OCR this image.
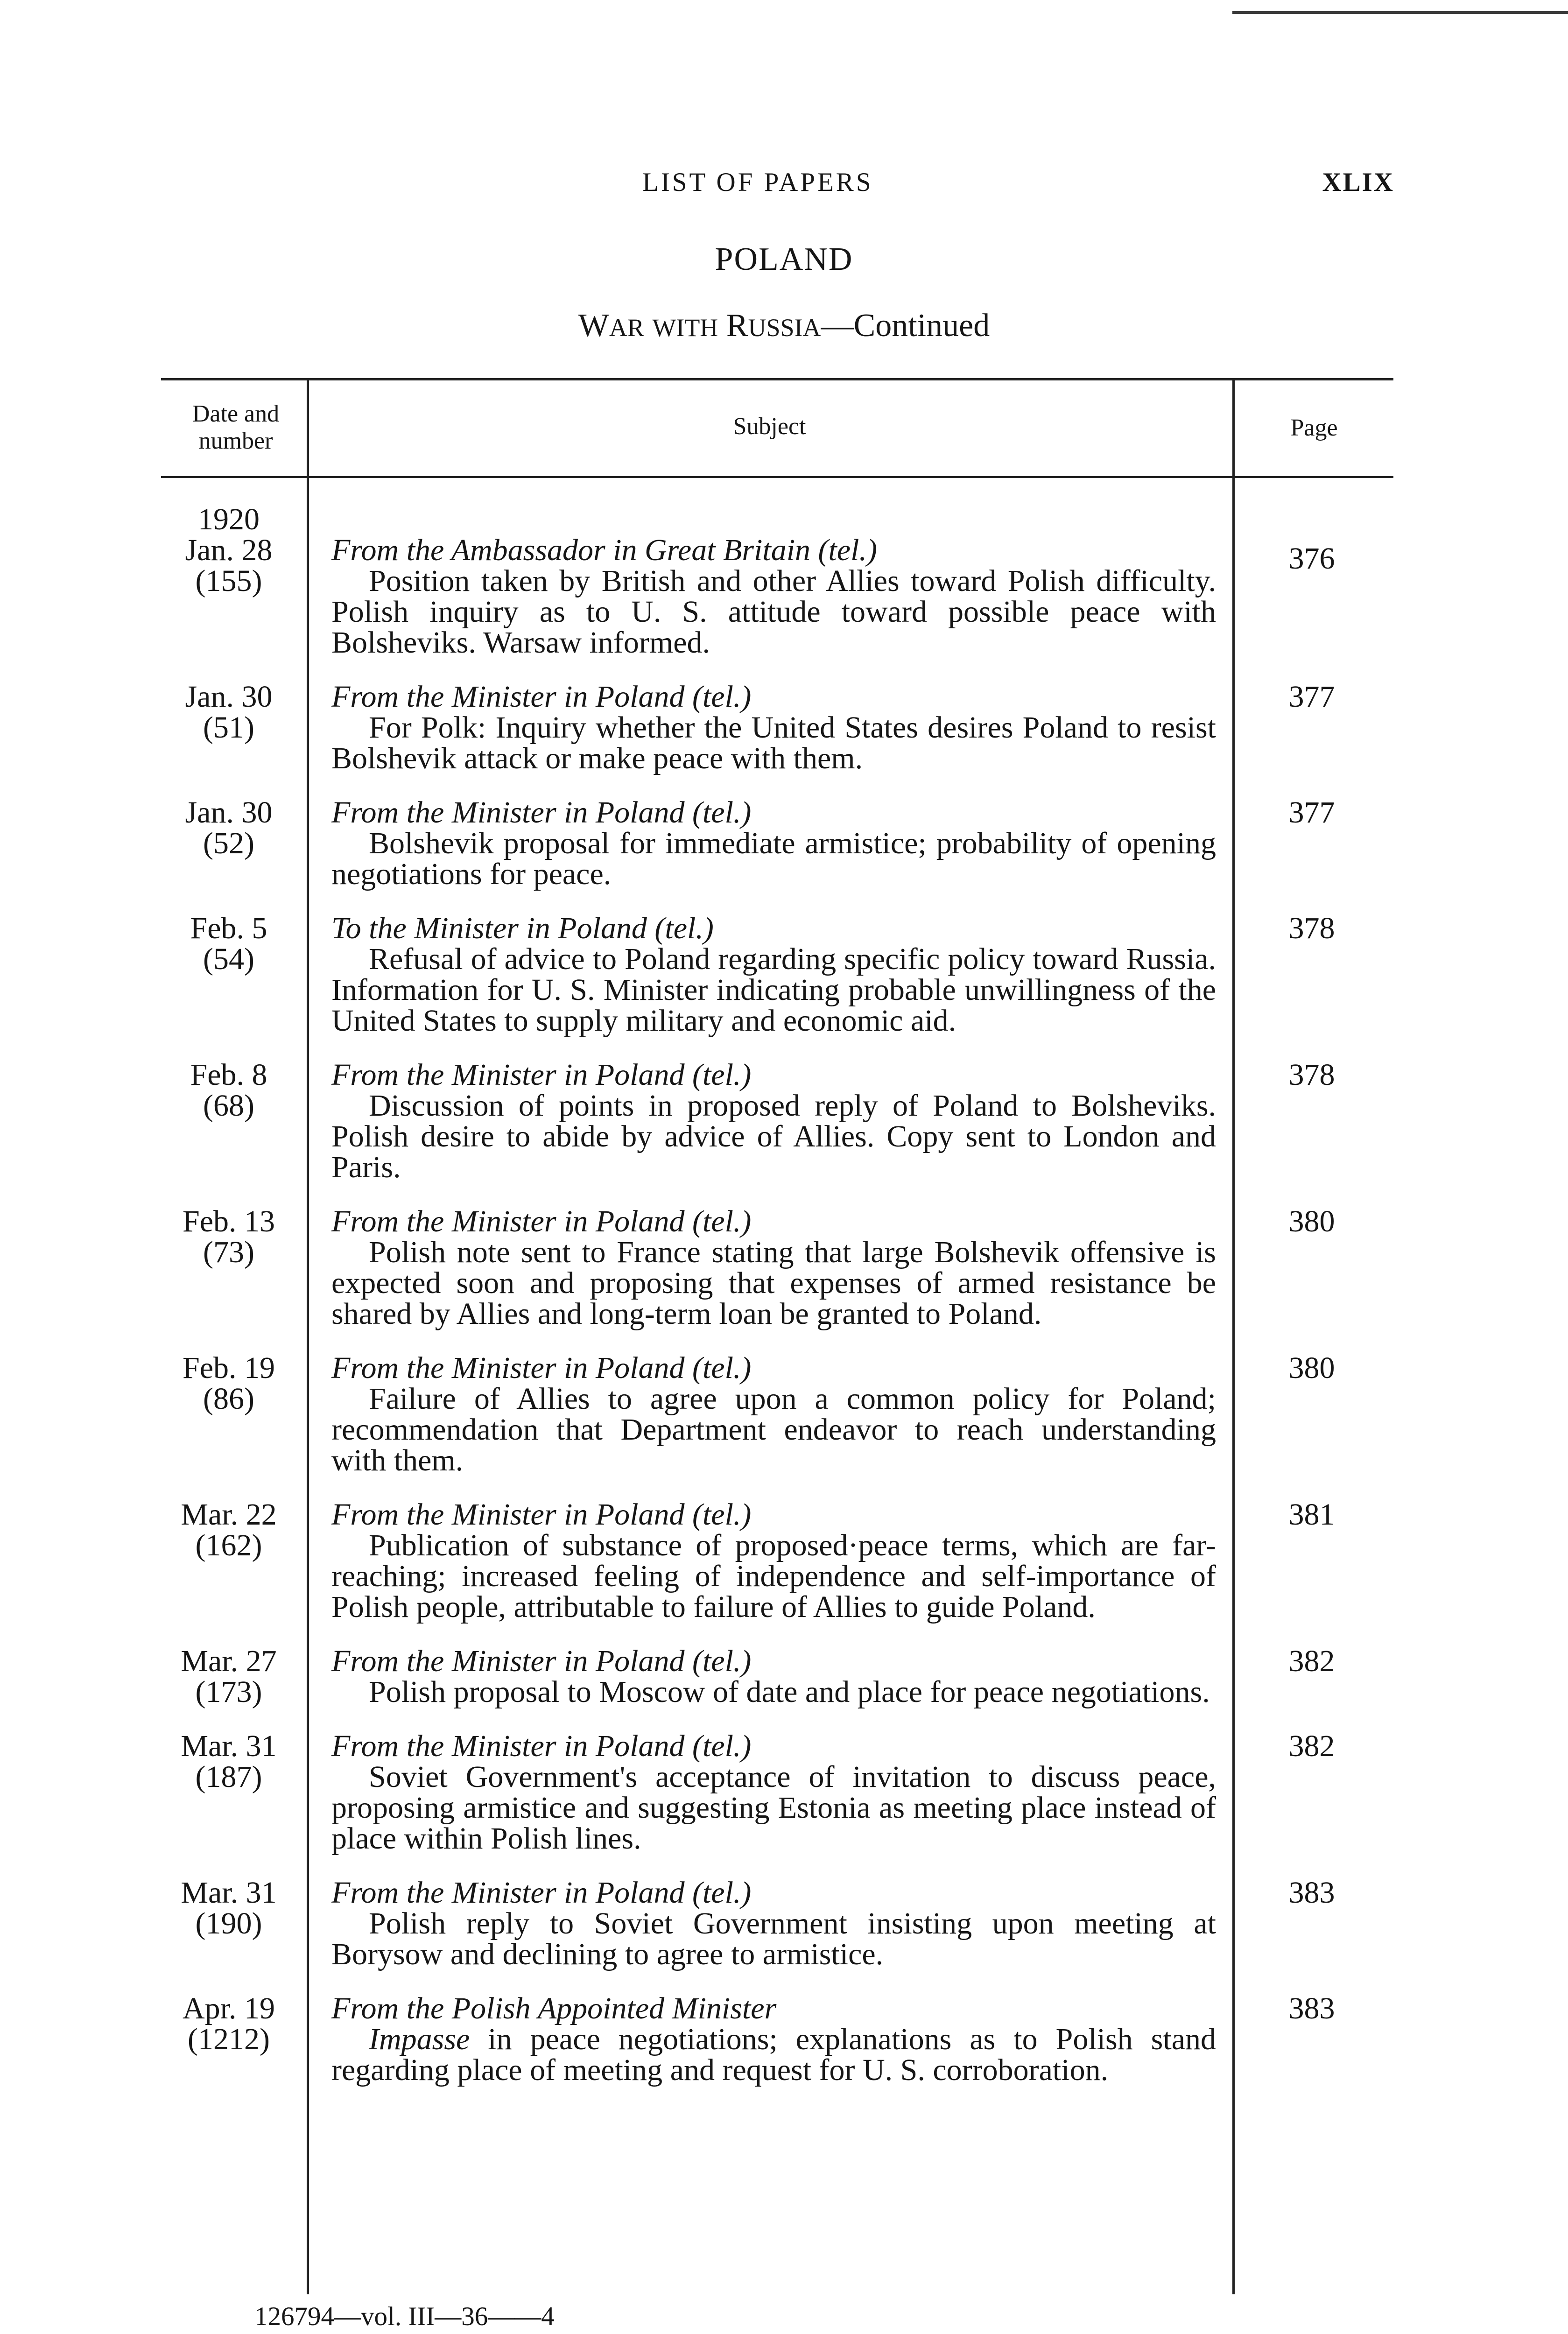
LIST OF PAPERS	XLIX
POLAND
WAR WITH RUSSIA—Continued
Date and number
Subject	Page
1920
Jan. 28
(155)
From the Ambassador in Great Britain (tel.)
Position taken by British and other Allies toward Polish difficulty. Polish inquiry as to U. S. attitude toward possible peace with Bolsheviks. Warsaw informed.
376
Jan. 30
(51)
From the Minister in Poland (tel.)
For Polk: Inquiry whether the United States desires Poland to resist Bolshevik attack or make peace with them.
377
Jan. 30
(52)
From the Minister in Poland (tel.)
Bolshevik proposal for immediate armistice; probability of opening negotiations for peace.
377
Feb. 5
(54)
To the Minister in Poland (tel.)
Refusal of advice to Poland regarding specific policy toward Russia. Information for U. S. Minister indicating probable unwillingness of the United States to supply military and economic aid.
378
Feb. 8
(68)
From the Minister in Poland (tel.)
Discussion of points in proposed reply of Poland to Bolsheviks. Polish desire to abide by advice of Allies. Copy sent to London and Paris.
378
Feb. 13
(73)
From the Minister in Poland (tel.)
Polish note sent to France stating that large Bolshevik offensive is expected soon and proposing that expenses of armed resistance be shared by Allies and long-term loan be granted to Poland.
380
Feb. 19
(86)
From the Minister in Poland (tel.)
Failure of Allies to agree upon a common policy for Poland; recommendation that Department endeavor to reach understanding with them.
380
Mar. 22
(162)
From the Minister in Poland (tel.)
Publication of substance of proposed·peace terms, which are far-reaching; increased feeling of independence and self-importance of Polish people, attributable to failure of Allies to guide Poland.
381
Mar. 27
(173)
From the Minister in Poland (tel.)
Polish proposal to Moscow of date and place for peace negotiations.
382
Mar. 31
(187)
From the Minister in Poland (tel.)
Soviet Government's acceptance of invitation to discuss peace, proposing armistice and suggesting Estonia as meeting place instead of place within Polish lines.
382
Mar. 31
(190)
From the Minister in Poland (tel.)
Polish reply to Soviet Government insisting upon meeting at Borysow and declining to agree to armistice.
383
Apr. 19
(1212)
From the Polish Appointed Minister
Impasse in peace negotiations; explanations as to Polish stand regarding place of meeting and request for U. S. corroboration.
383
126794—vol. III—36——4
